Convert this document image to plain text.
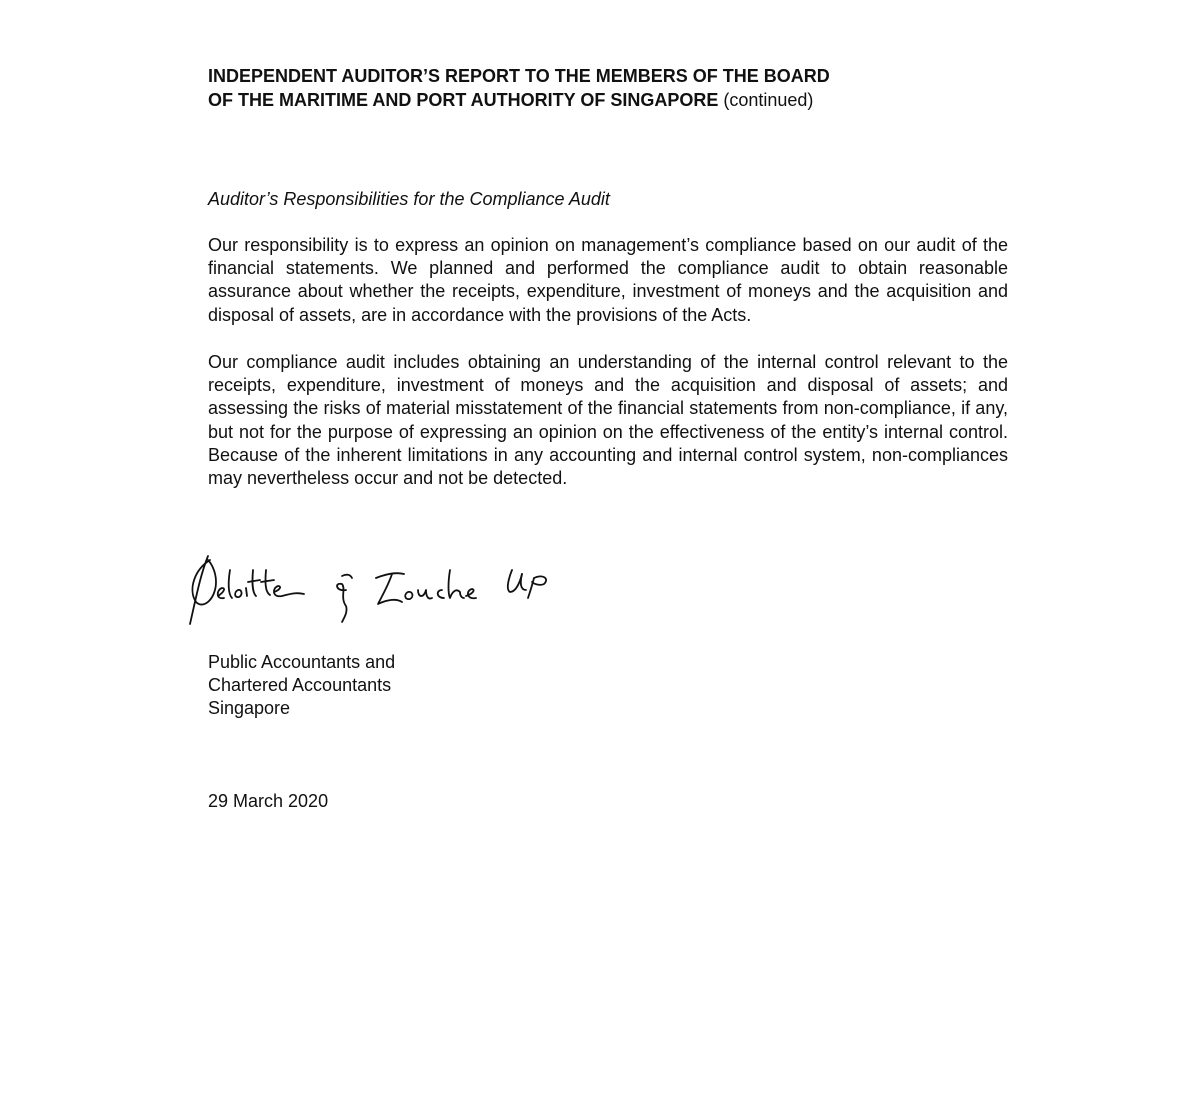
INDEPENDENT AUDITOR’S REPORT TO THE MEMBERS OF THE BOARD
OF THE MARITIME AND PORT AUTHORITY OF SINGAPORE (continued)

Auditor’s Responsibilities for the Compliance Audit

Our responsibility is to express an opinion on management’s compliance based on our audit of the financial statements. We planned and performed the compliance audit to obtain reasonable assurance about whether the receipts, expenditure, investment of moneys and the acquisition and disposal of assets, are in accordance with the provisions of the Acts.

Our compliance audit includes obtaining an understanding of the internal control relevant to the receipts, expenditure, investment of moneys and the acquisition and disposal of assets; and assessing the risks of material misstatement of the financial statements from non-compliance, if any, but not for the purpose of expressing an opinion on the effectiveness of the entity’s internal control. Because of the inherent limitations in any accounting and internal control system, non-compliances may nevertheless occur and not be detected.

Public Accountants and
Chartered Accountants
Singapore

29 March 2020
